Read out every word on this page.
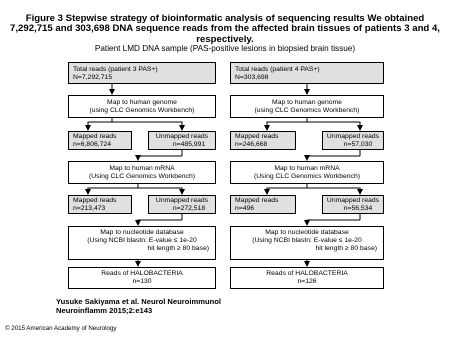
Figure 3 Stepwise strategy of bioinformatic analysis of sequencing results We obtained 7,292,715 and 303,698 DNA sequence reads from the affected brain tissues of patients 3 and 4, respectively.
Patient LMD DNA sample (PAS-positive lesions in biopsied brain tissue)
Total reads (patient 3 PAS+)
N=7,292,715
Map to human genome
(using CLC Genomics Workbench)
Mapped reads
n=6,806,724
Unmapped reads
n=485,991
Map to human mRNA
(Using CLC Genomics Workbench)
Mapped reads
n=213,473
Unmapped reads
n=272,518
Map to nucleotide database
(Using NCBI blastn: E-value ≤ 1e-20
hit length ≥ 80 base)
Reads of HALOBACTERIA
n=130
Total reads (patient 4 PAS+)
N=303,698
Map to human genome
(using CLC Genomics Workbench)
Mapped reads
n=246,668
Unmapped reads
n=57,030
Map to human mRNA
(Using CLC Genomics Workbench)
Mapped reads
n=496
Unmapped reads
n=56,534
Map to nucleotide database
(Using NCBI blastn: E-value ≤ 1e-20
hit length ≥ 80 base)
Reads of HALOBACTERIA
n=126
Yusuke Sakiyama et al. Neurol Neuroimmunol
Neuroinflamm 2015;2:e143
© 2015 American Academy of Neurology
